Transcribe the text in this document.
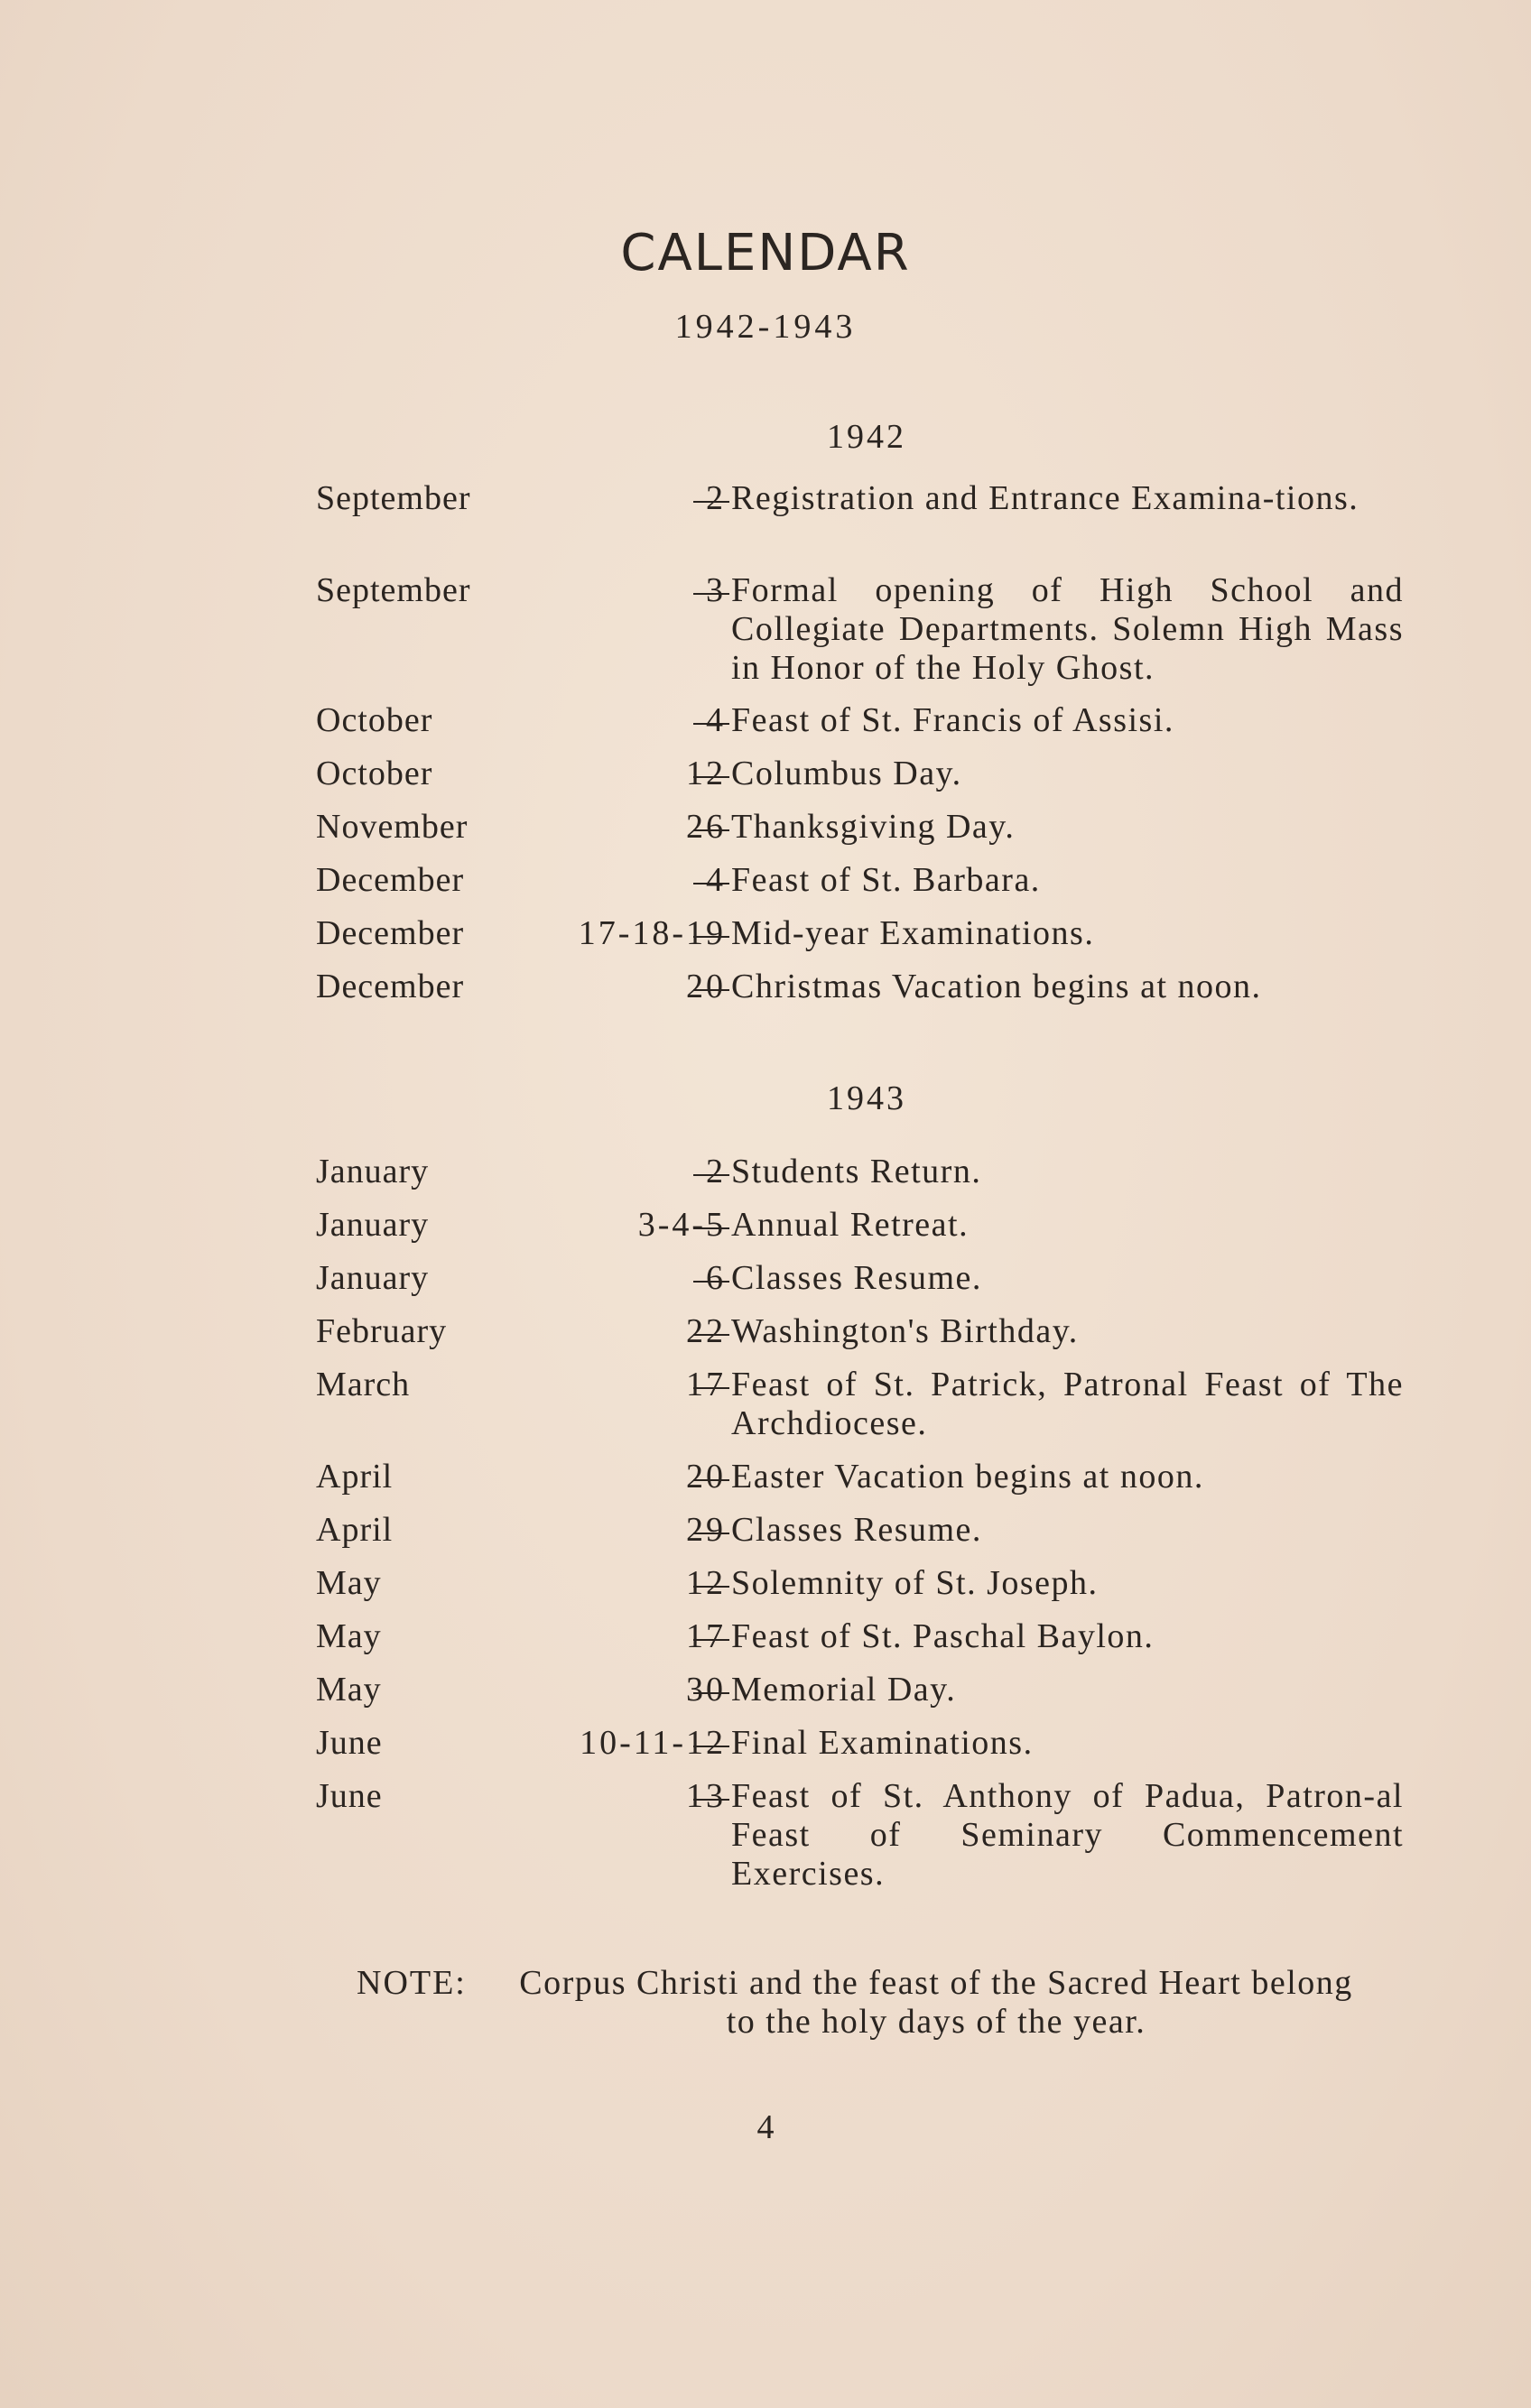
CALENDAR
1942-1943
1942
September	2 Registration and Entrance Examina-tions.
September	3 Formal opening of High School and Collegiate Departments. Solemn High Mass in Honor of the Holy Ghost.
October	4 Feast of St. Francis of Assisi.
October	12 Columbus Day.
November	26 Thanksgiving Day.
December	4 Feast of St. Barbara.
December	17-18-19 Mid-year Examinations.
December	20 Christmas Vacation begins at noon.
1943
January	2 Students Return.
January	3-4-5 Annual Retreat.
January	6 Classes Resume.
February	22 Washington's Birthday.
March	17 Feast of St. Patrick, Patronal Feast of The Archdiocese.
April	20 Easter Vacation begins at noon.
April	29 Classes Resume.
May	12 Solemnity of St. Joseph.
May	17 Feast of St. Paschal Baylon.
May	30 Memorial Day.
June	10-11-12 Final Examinations.
June	13 Feast of St. Anthony of Padua, Patron-al Feast of Seminary Commencement Exercises.
NOTE:	Corpus Christi and the feast of the Sacred Heart belong to the holy days of the year.
4
